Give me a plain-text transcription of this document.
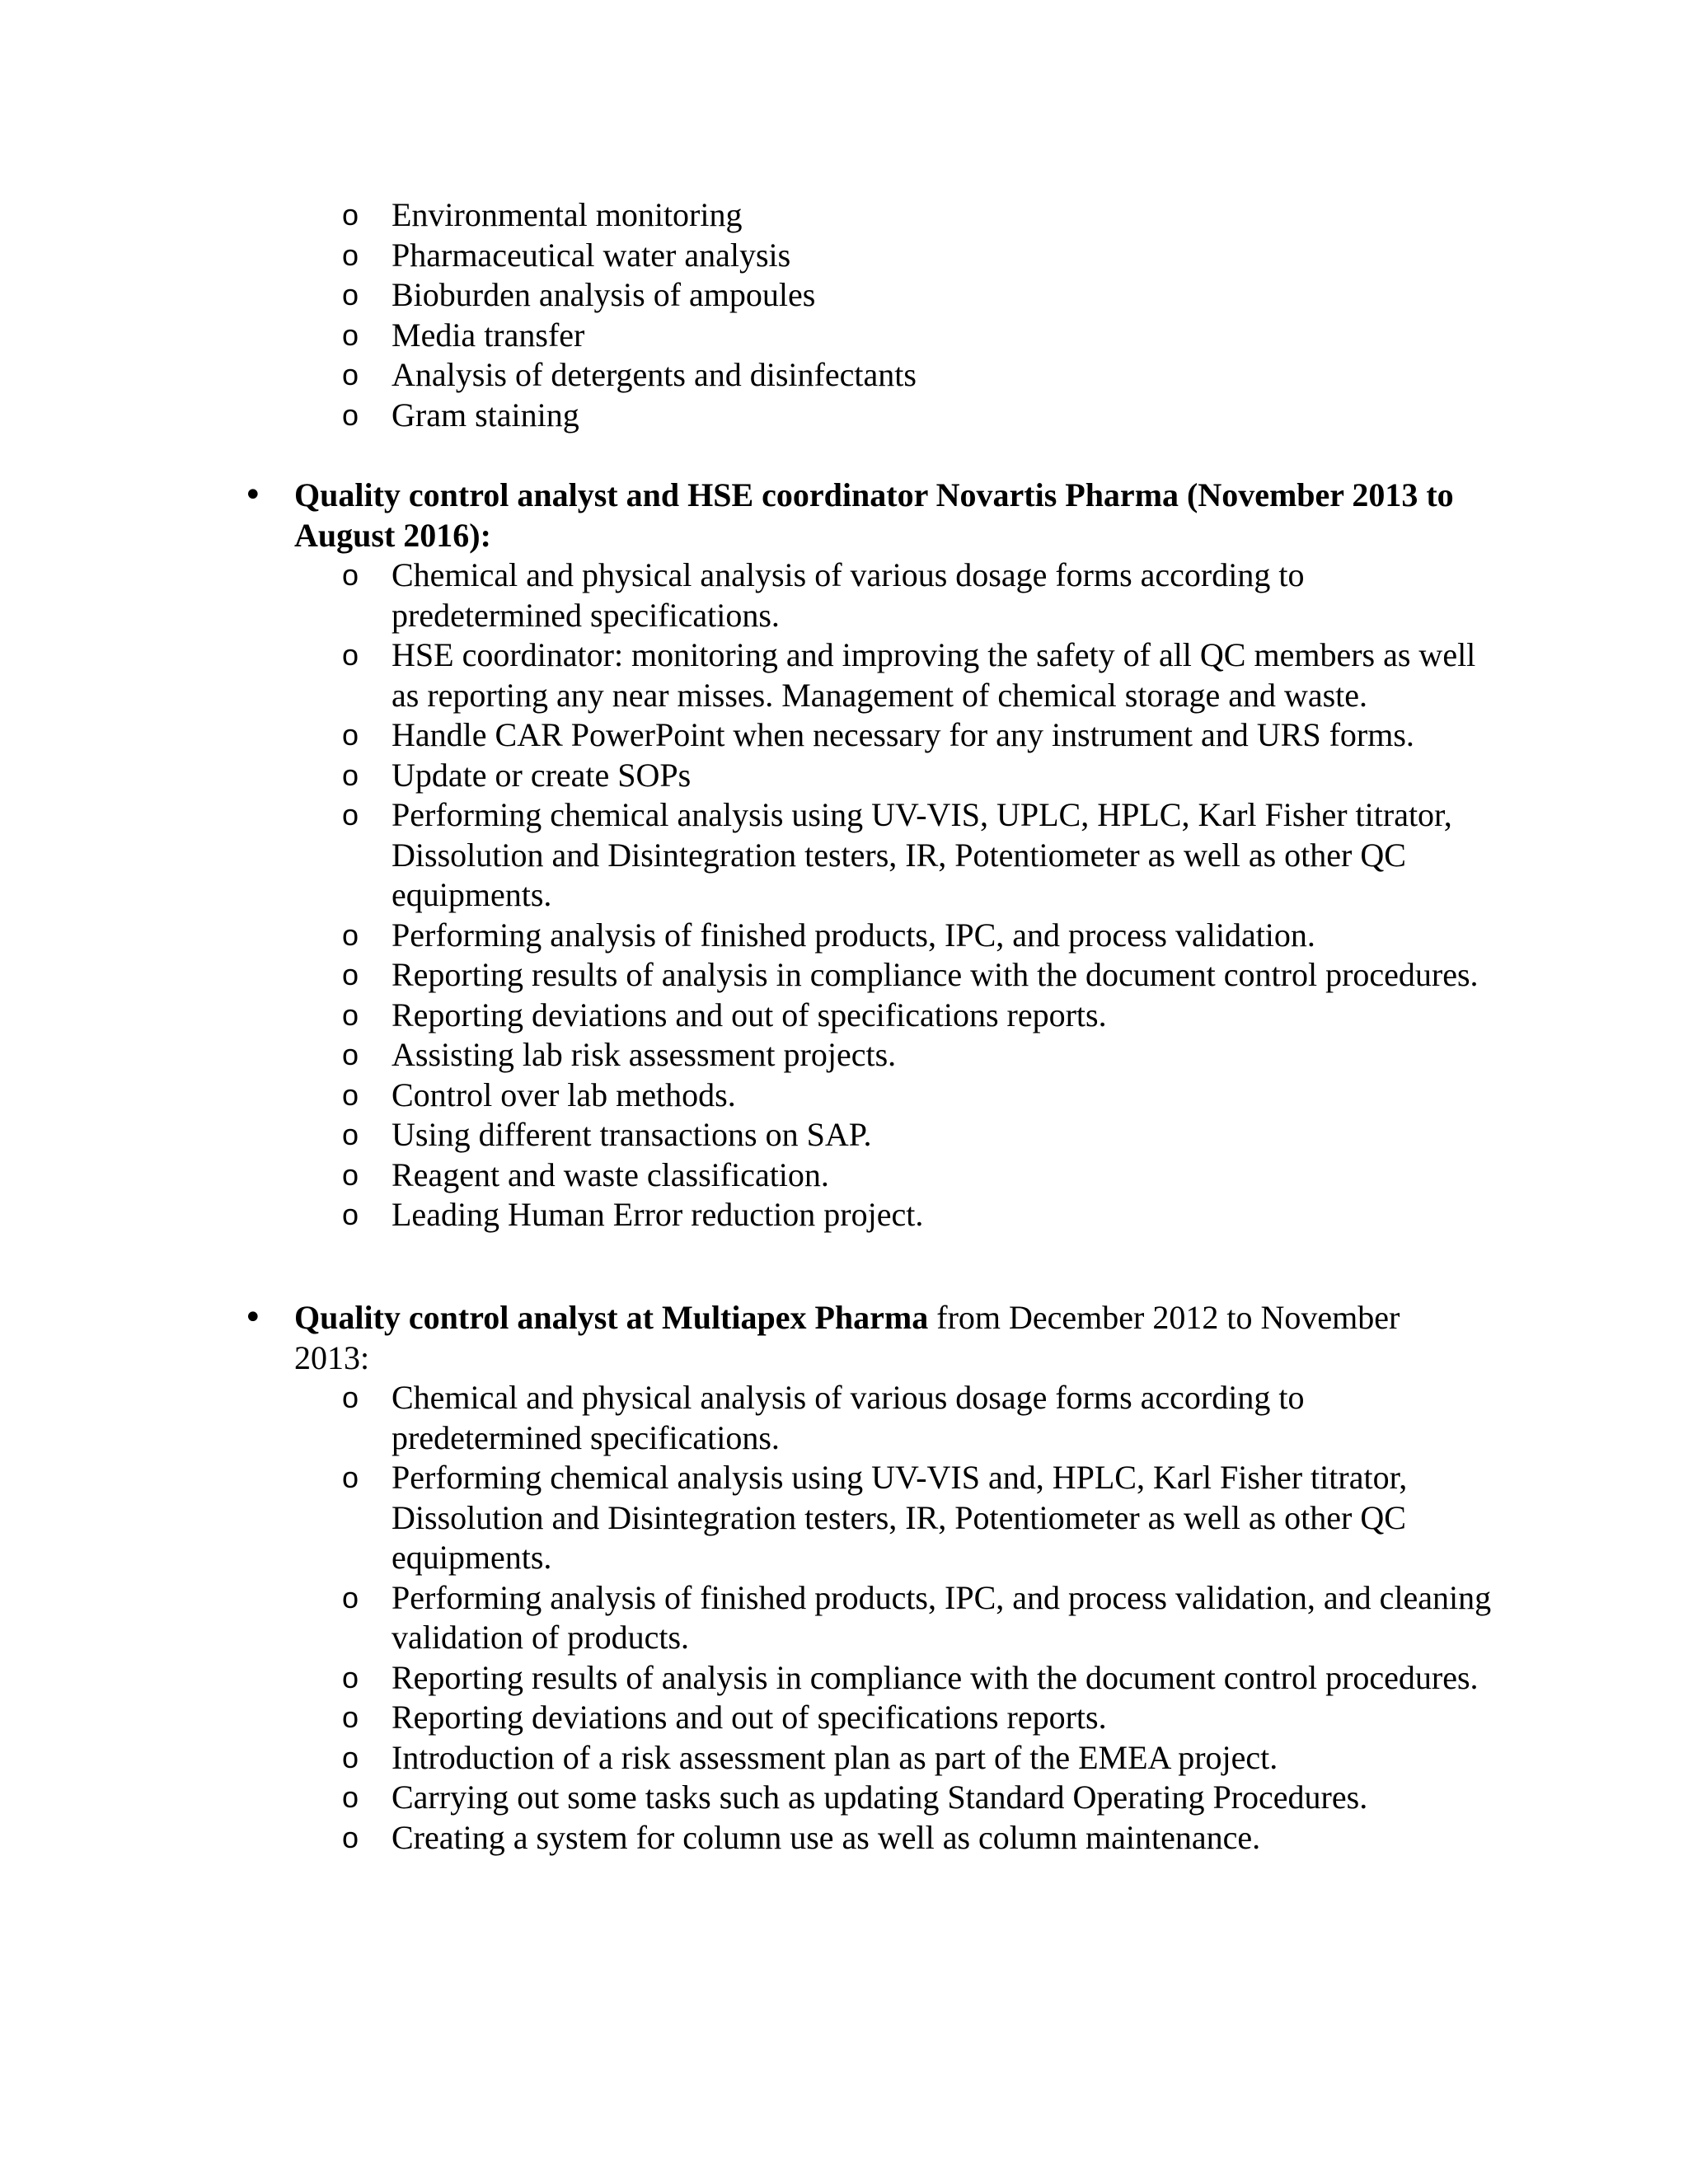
o Environmental monitoring
o Pharmaceutical water analysis
o Bioburden analysis of ampoules
o Media transfer
o Analysis of detergents and disinfectants
o Gram staining
• Quality control analyst and HSE coordinator Novartis Pharma (November 2013 to August 2016):
o Chemical and physical analysis of various dosage forms according to predetermined specifications.
o HSE coordinator: monitoring and improving the safety of all QC members as well as reporting any near misses. Management of chemical storage and waste.
o Handle CAR PowerPoint when necessary for any instrument and URS forms.
o Update or create SOPs
o Performing chemical analysis using UV-VIS, UPLC, HPLC, Karl Fisher titrator, Dissolution and Disintegration testers, IR, Potentiometer as well as other QC equipments.
o Performing analysis of finished products, IPC, and process validation.
o Reporting results of analysis in compliance with the document control procedures.
o Reporting deviations and out of specifications reports.
o Assisting lab risk assessment projects.
o Control over lab methods.
o Using different transactions on SAP.
o Reagent and waste classification.
o Leading Human Error reduction project.
• Quality control analyst at Multiapex Pharma from December 2012 to November 2013:
o Chemical and physical analysis of various dosage forms according to predetermined specifications.
o Performing chemical analysis using UV-VIS and, HPLC, Karl Fisher titrator, Dissolution and Disintegration testers, IR, Potentiometer as well as other QC equipments.
o Performing analysis of finished products, IPC, and process validation, and cleaning validation of products.
o Reporting results of analysis in compliance with the document control procedures.
o Reporting deviations and out of specifications reports.
o Introduction of a risk assessment plan as part of the EMEA project.
o Carrying out some tasks such as updating Standard Operating Procedures.
o Creating a system for column use as well as column maintenance.
